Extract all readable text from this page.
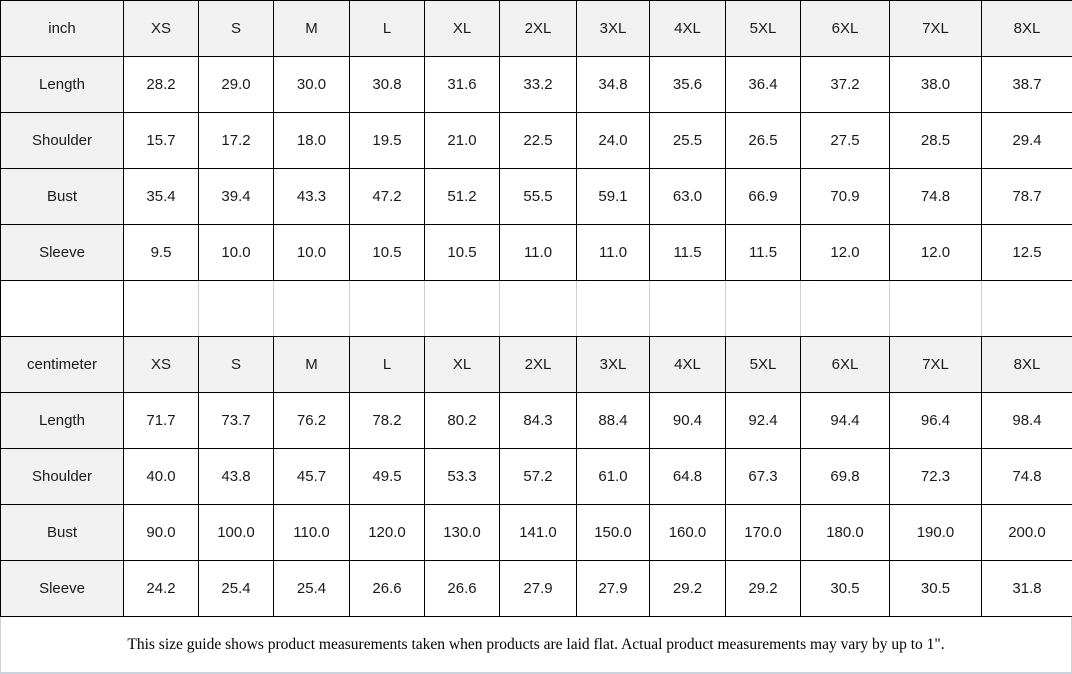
inch	XS	S	M	L	XL	2XL	3XL	4XL	5XL	6XL	7XL	8XL
Length	28.2	29.0	30.0	30.8	31.6	33.2	34.8	35.6	36.4	37.2	38.0	38.7
Shoulder	15.7	17.2	18.0	19.5	21.0	22.5	24.0	25.5	26.5	27.5	28.5	29.4
Bust	35.4	39.4	43.3	47.2	51.2	55.5	59.1	63.0	66.9	70.9	74.8	78.7
Sleeve	9.5	10.0	10.0	10.5	10.5	11.0	11.0	11.5	11.5	12.0	12.0	12.5

centimeter	XS	S	M	L	XL	2XL	3XL	4XL	5XL	6XL	7XL	8XL
Length	71.7	73.7	76.2	78.2	80.2	84.3	88.4	90.4	92.4	94.4	96.4	98.4
Shoulder	40.0	43.8	45.7	49.5	53.3	57.2	61.0	64.8	67.3	69.8	72.3	74.8
Bust	90.0	100.0	110.0	120.0	130.0	141.0	150.0	160.0	170.0	180.0	190.0	200.0
Sleeve	24.2	25.4	25.4	26.6	26.6	27.9	27.9	29.2	29.2	30.5	30.5	31.8
This size guide shows product measurements taken when products are laid flat. Actual product measurements may vary by up to 1".
